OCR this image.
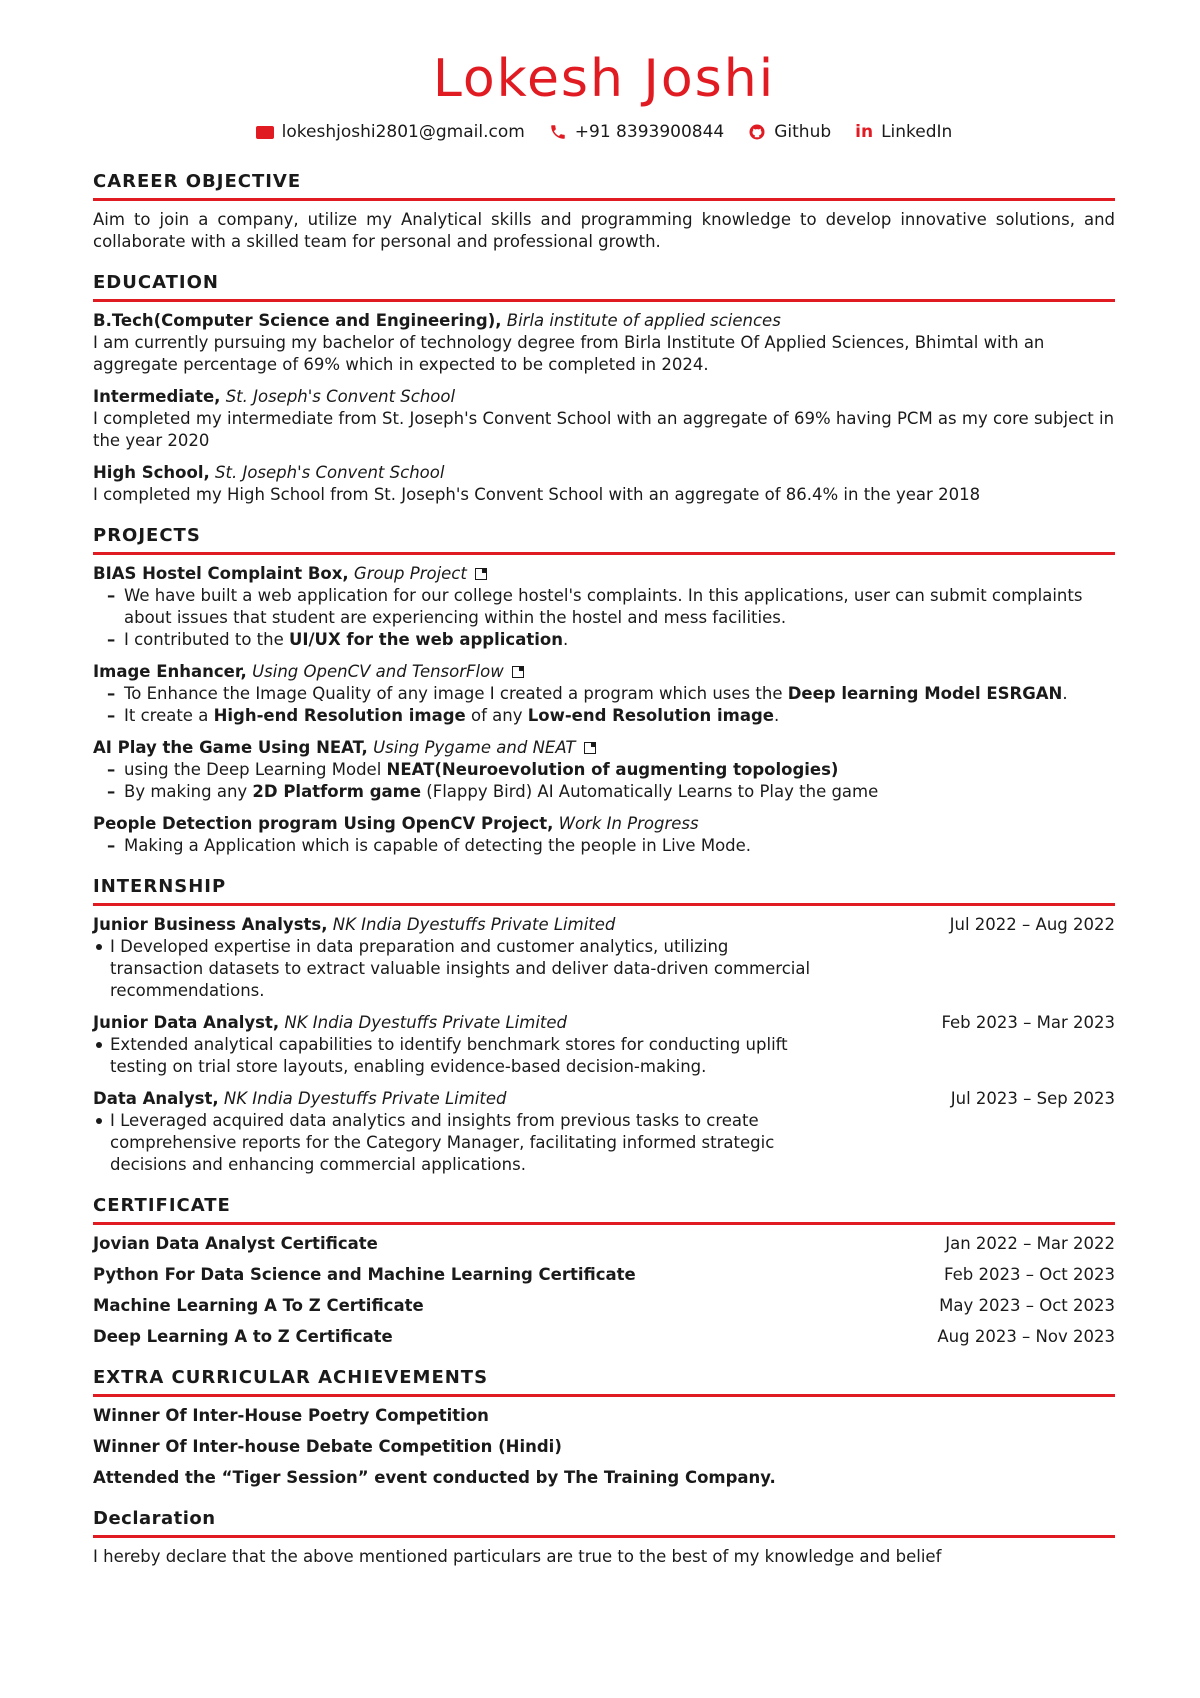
Lokesh Joshi
lokeshjoshi2801@gmail.com	+91 8393900844	Github in LinkedIn
CAREER OBJECTIVE
Aim to join a company, utilize my Analytical skills and programming knowledge to develop innovative solutions, and collaborate with a skilled team for personal and professional growth.
EDUCATION
B.Tech(Computer Science and Engineering), Birla institute of applied sciences
I am currently pursuing my bachelor of technology degree from Birla Institute Of Applied Sciences, Bhimtal with an aggregate percentage of 69% which in expected to be completed in 2024.
Intermediate, St. Joseph's Convent School
I completed my intermediate from St. Joseph's Convent School with an aggregate of 69% having PCM as my core subject in the year 2020
High School, St. Joseph's Convent School
I completed my High School from St. Joseph's Convent School with an aggregate of 86.4% in the year 2018
PROJECTS
BIAS Hostel Complaint Box, Group Project
– We have built a web application for our college hostel's complaints. In this applications, user can submit complaints about issues that student are experiencing within the hostel and mess facilities.
– I contributed to the UI/UX for the web application.
Image Enhancer, Using OpenCV and TensorFlow
– To Enhance the Image Quality of any image I created a program which uses the Deep learning Model ESRGAN.
– It create a High-end Resolution image of any Low-end Resolution image.
AI Play the Game Using NEAT, Using Pygame and NEAT
– using the Deep Learning Model NEAT(Neuroevolution of augmenting topologies)
– By making any 2D Platform game (Flappy Bird) AI Automatically Learns to Play the game
People Detection program Using OpenCV Project, Work In Progress
– Making a Application which is capable of detecting the people in Live Mode.
INTERNSHIP
Junior Business Analysts, NK India Dyestuffs Private Limited	Jul 2022 – Aug 2022
I Developed expertise in data preparation and customer analytics, utilizing transaction datasets to extract valuable insights and deliver data-driven commercial recommendations.
Junior Data Analyst, NK India Dyestuffs Private Limited	Feb 2023 – Mar 2023
Extended analytical capabilities to identify benchmark stores for conducting uplift testing on trial store layouts, enabling evidence-based decision-making.
Data Analyst, NK India Dyestuffs Private Limited	Jul 2023 – Sep 2023
I Leveraged acquired data analytics and insights from previous tasks to create comprehensive reports for the Category Manager, facilitating informed strategic decisions and enhancing commercial applications.
CERTIFICATE
Jovian Data Analyst Certificate	Jan 2022 – Mar 2022
Python For Data Science and Machine Learning Certificate	Feb 2023 – Oct 2023
Machine Learning A To Z Certificate	May 2023 – Oct 2023
Deep Learning A to Z Certificate	Aug 2023 – Nov 2023
EXTRA CURRICULAR ACHIEVEMENTS
Winner Of Inter-House Poetry Competition
Winner Of Inter-house Debate Competition (Hindi)
Attended the “Tiger Session” event conducted by The Training Company.
Declaration
I hereby declare that the above mentioned particulars are true to the best of my knowledge and belief
